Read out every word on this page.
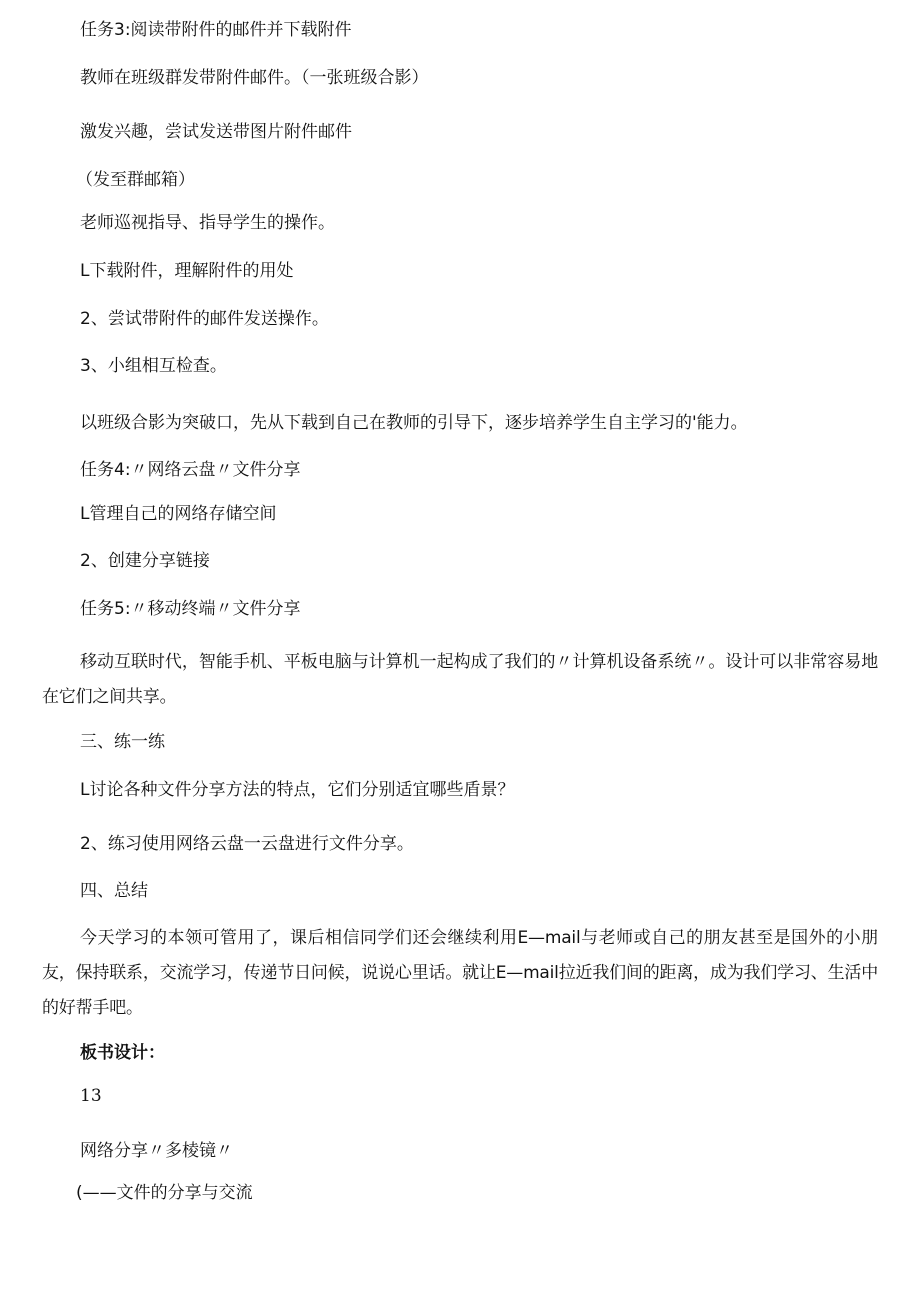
任务3:阅读带附件的邮件并下载附件

教师在班级群发带附件邮件。（一张班级合影）

激发兴趣，尝试发送带图片附件邮件

（发至群邮箱）

老师巡视指导、指导学生的操作。

L下载附件，理解附件的用处

2、尝试带附件的邮件发送操作。

3、小组相互检查。

以班级合影为突破口，先从下载到自己在教师的引导下，逐步培养学生自主学习的'能力。

任务4:〃网络云盘〃文件分享

L管理自己的网络存储空间

2、创建分享链接

任务5:〃移动终端〃文件分享

移动互联时代，智能手机、平板电脑与计算机一起构成了我们的〃计算机设备系统〃。设计可以非常容易地在它们之间共享。

三、练一练

L讨论各种文件分享方法的特点，它们分别适宜哪些盾景？

2、练习使用网络云盘一云盘进行文件分享。

四、总结

今天学习的本领可管用了，课后相信同学们还会继续利用E—mail与老师或自己的朋友甚至是国外的小朋友，保持联系，交流学习，传递节日问候，说说心里话。就让E—mail拉近我们间的距离，成为我们学习、生活中的好帮手吧。

板书设计：

13

网络分享〃多棱镜〃

(——文件的分享与交流
